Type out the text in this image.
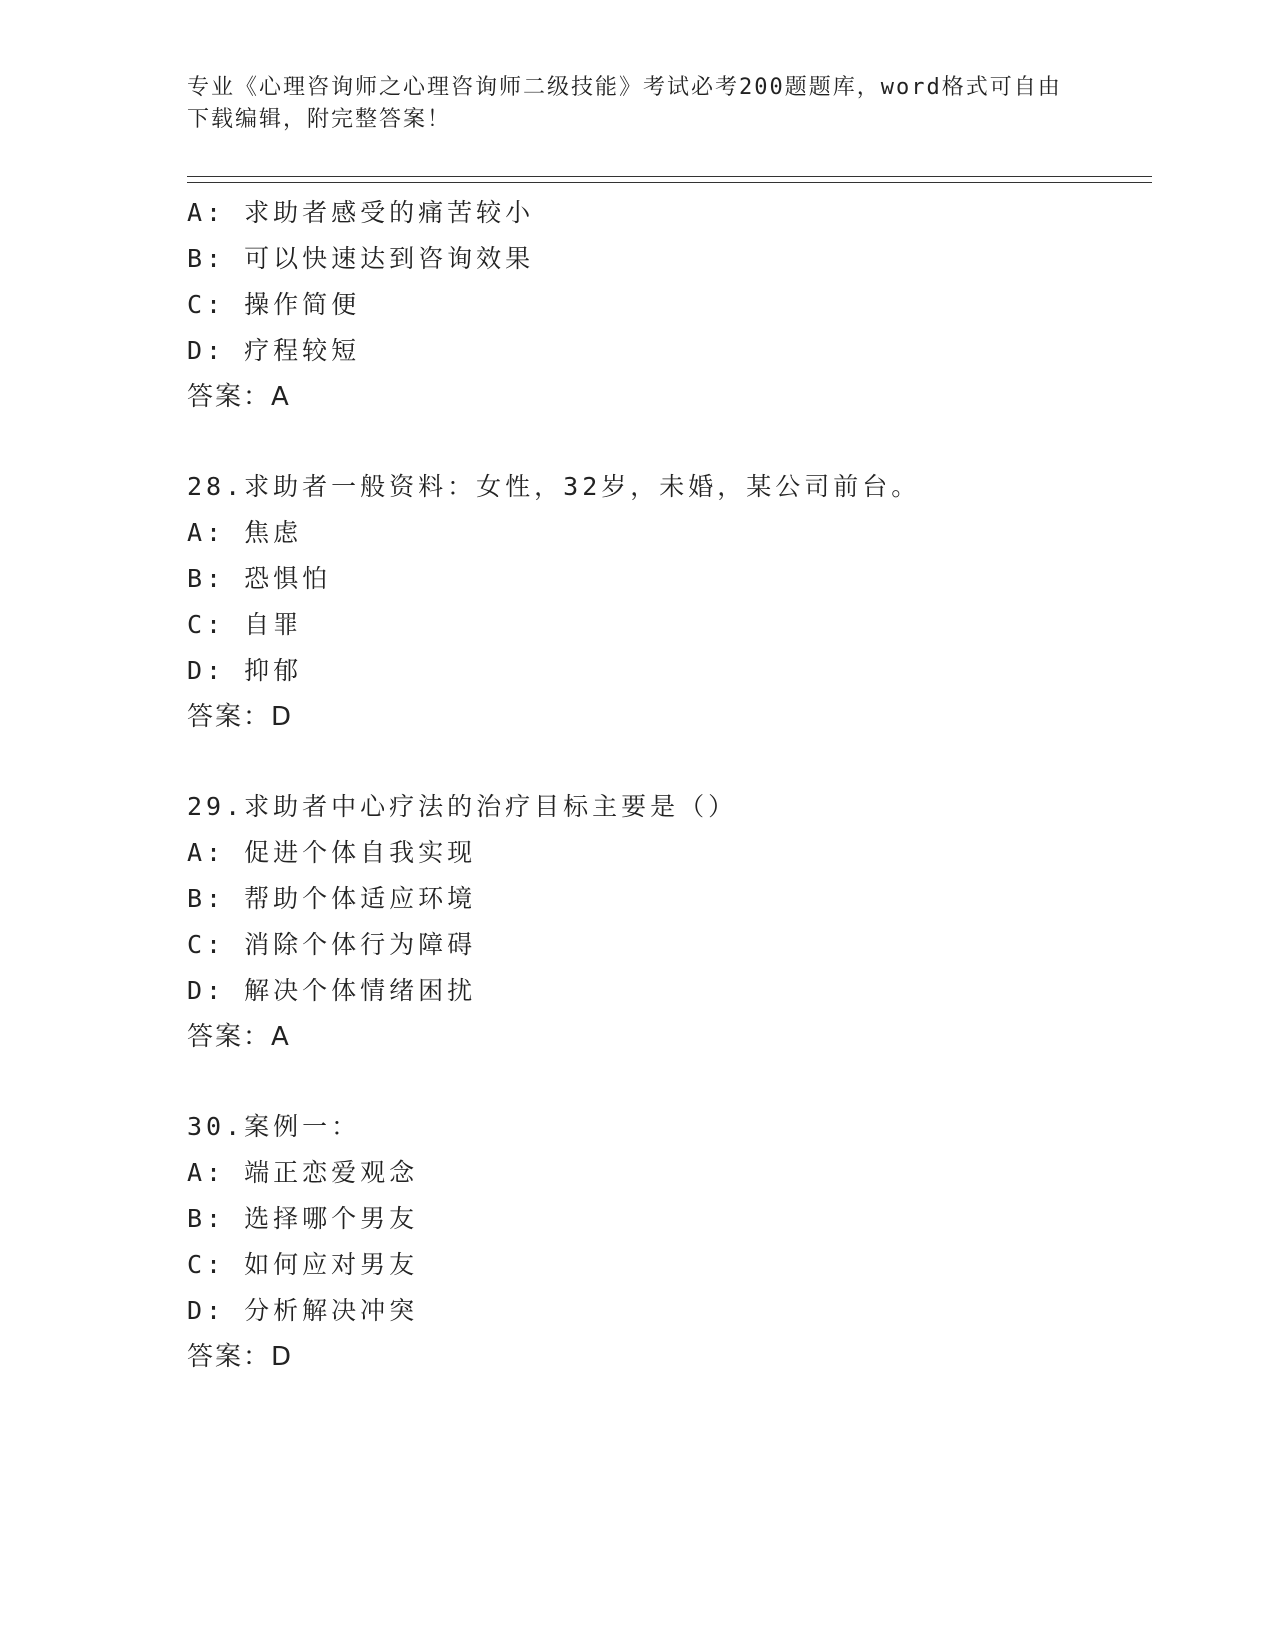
专业《心理咨询师之心理咨询师二级技能》考试必考200题题库，word格式可自由下载编辑，附完整答案！
A: 求助者感受的痛苦较小
B: 可以快速达到咨询效果
C: 操作简便
D: 疗程较短
答案：A
28.求助者一般资料：女性，32岁，未婚，某公司前台。
A: 焦虑
B: 恐惧怕
C: 自罪
D: 抑郁
答案：D
29.求助者中心疗法的治疗目标主要是（）
A: 促进个体自我实现
B: 帮助个体适应环境
C: 消除个体行为障碍
D: 解决个体情绪困扰
答案：A
30.案例一：
A: 端正恋爱观念
B: 选择哪个男友
C: 如何应对男友
D: 分析解决冲突
答案：D
